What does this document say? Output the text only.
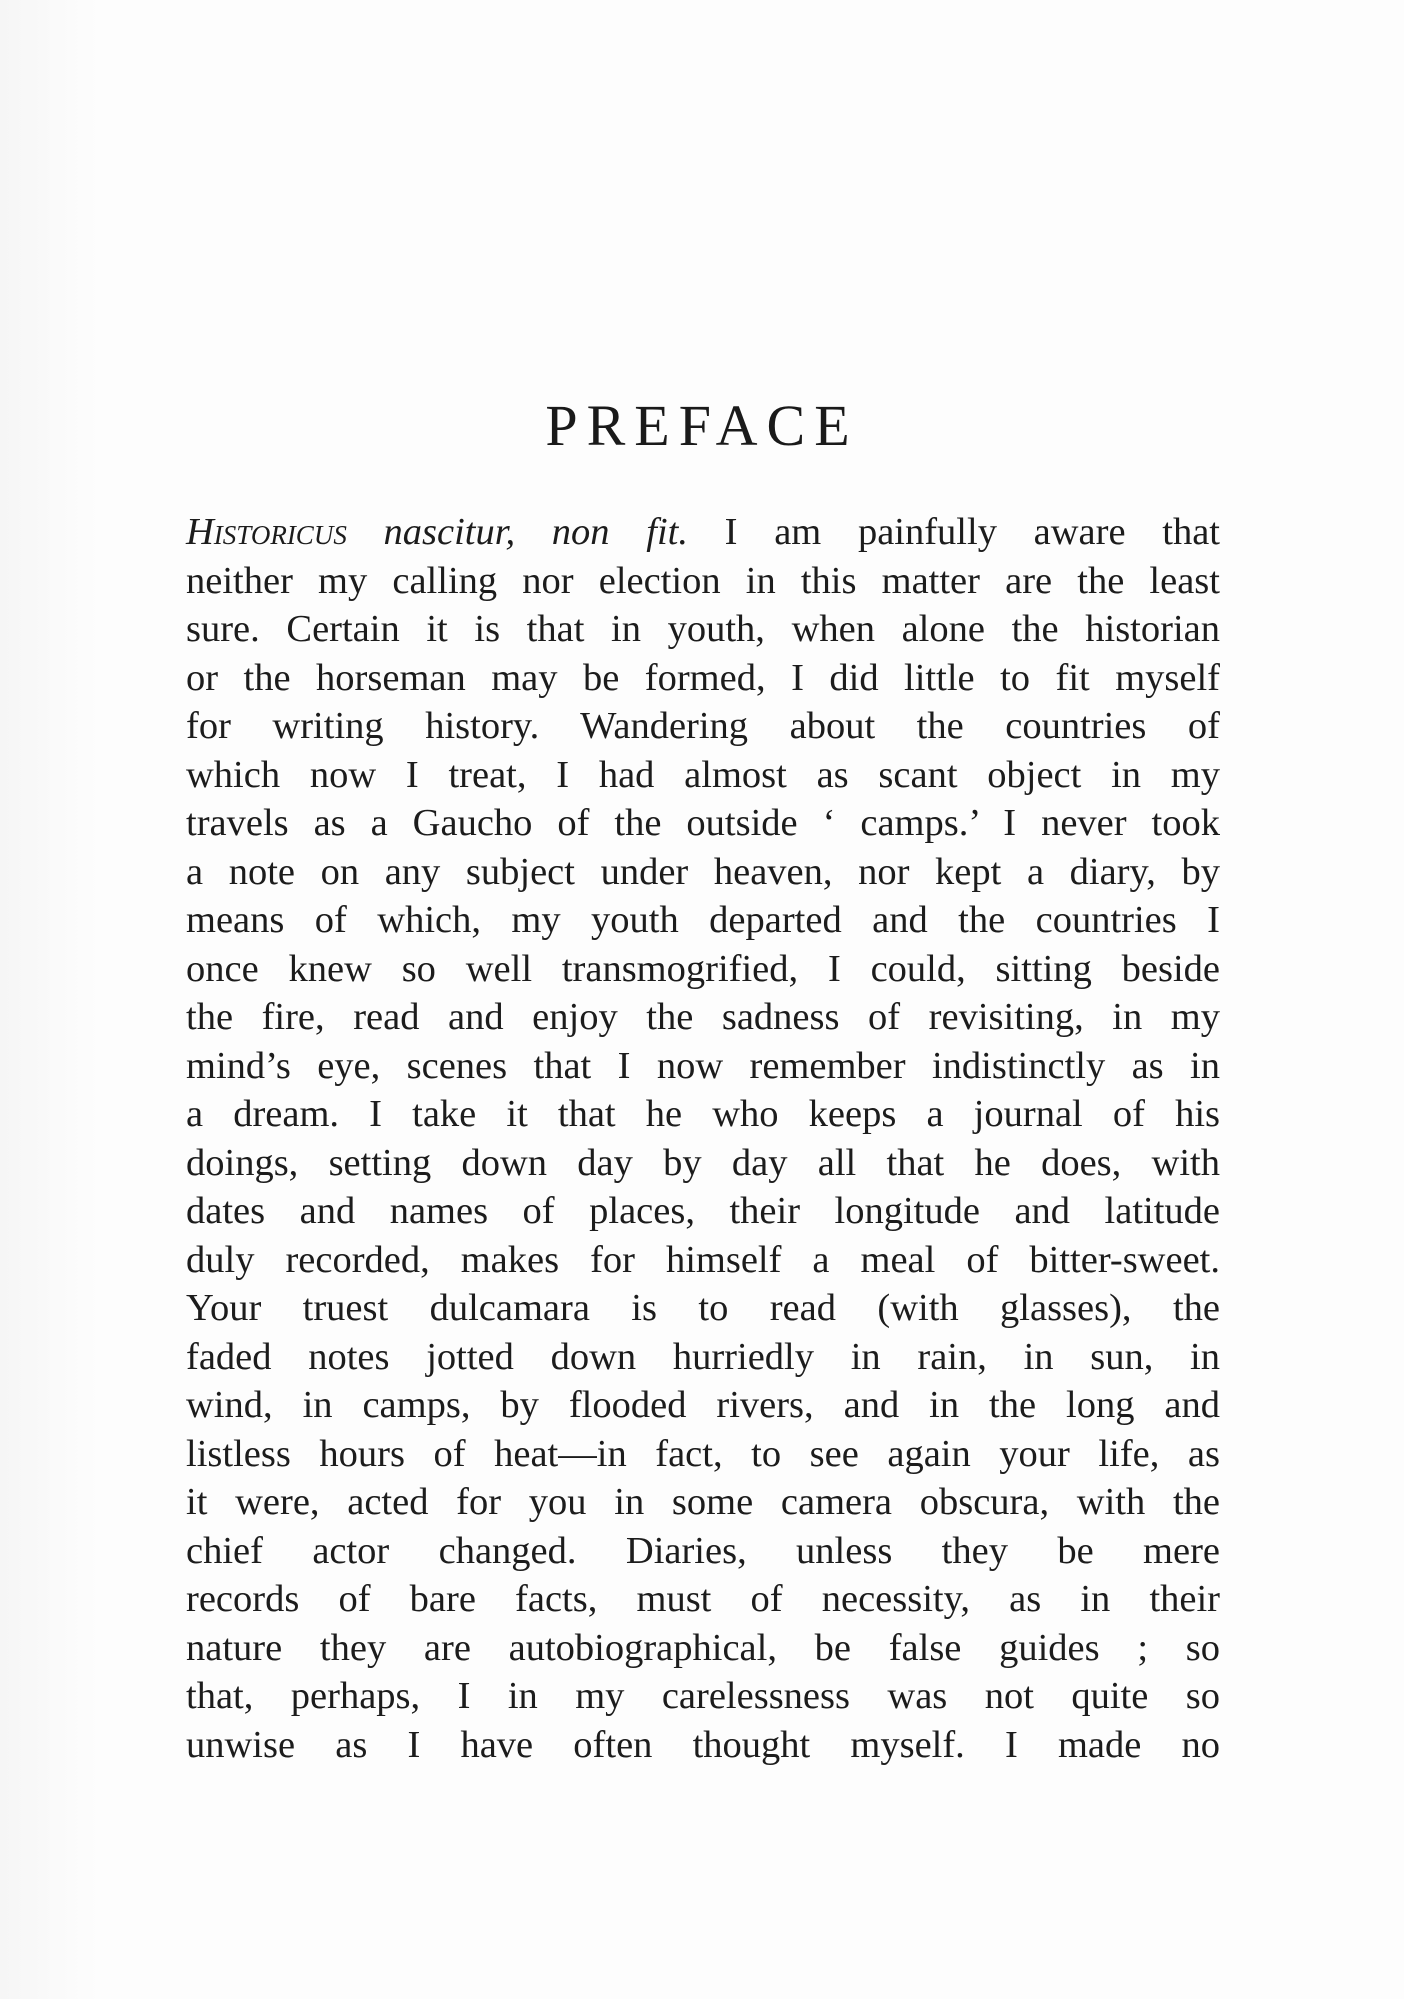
PREFACE
Historicus nascitur, non fit. I am painfully aware that
neither my calling nor election in this matter are the least
sure. Certain it is that in youth, when alone the historian
or the horseman may be formed, I did little to fit myself
for writing history. Wandering about the countries of
which now I treat, I had almost as scant object in my
travels as a Gaucho of the outside ‘ camps.’ I never took
a note on any subject under heaven, nor kept a diary, by
means of which, my youth departed and the countries I
once knew so well transmogrified, I could, sitting beside
the fire, read and enjoy the sadness of revisiting, in my
mind’s eye, scenes that I now remember indistinctly as in
a dream. I take it that he who keeps a journal of his
doings, setting down day by day all that he does, with
dates and names of places, their longitude and latitude
duly recorded, makes for himself a meal of bitter-sweet.
Your truest dulcamara is to read (with glasses), the
faded notes jotted down hurriedly in rain, in sun, in
wind, in camps, by flooded rivers, and in the long and
listless hours of heat—in fact, to see again your life, as
it were, acted for you in some camera obscura, with the
chief actor changed. Diaries, unless they be mere
records of bare facts, must of necessity, as in their
nature they are autobiographical, be false guides ; so
that, perhaps, I in my carelessness was not quite so
unwise as I have often thought myself. I made no
